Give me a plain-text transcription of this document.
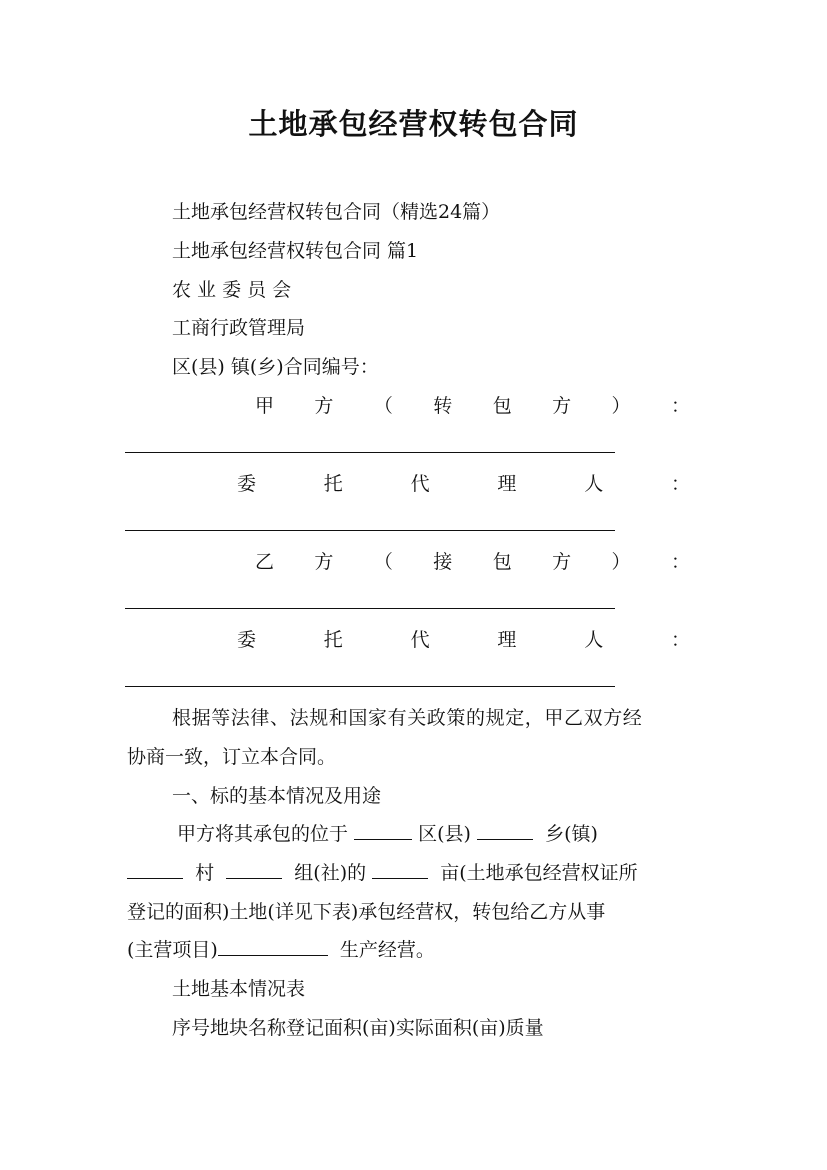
土地承包经营权转包合同
土地承包经营权转包合同（精选24篇）
土地承包经营权转包合同 篇1
农 业 委 员 会
工商行政管理局
区(县) 镇(乡)合同编号：
甲 方 （ 转 包 方 ） ：
委	托	代	理	人	：
乙 方 （ 接 包 方 ） ：
委	托	代	理	人	：
根据等法律、法规和国家有关政策的规定，甲乙双方经
协商一致，订立本合同。
一、标的基本情况及用途
甲方将其承包的位于	区(县)	乡(镇)
村	组(社)的	亩(土地承包经营权证所
登记的面积)土地(详见下表)承包经营权，转包给乙方从事
(主营项目)	生产经营。
土地基本情况表
序号地块名称登记面积(亩)实际面积(亩)质量
